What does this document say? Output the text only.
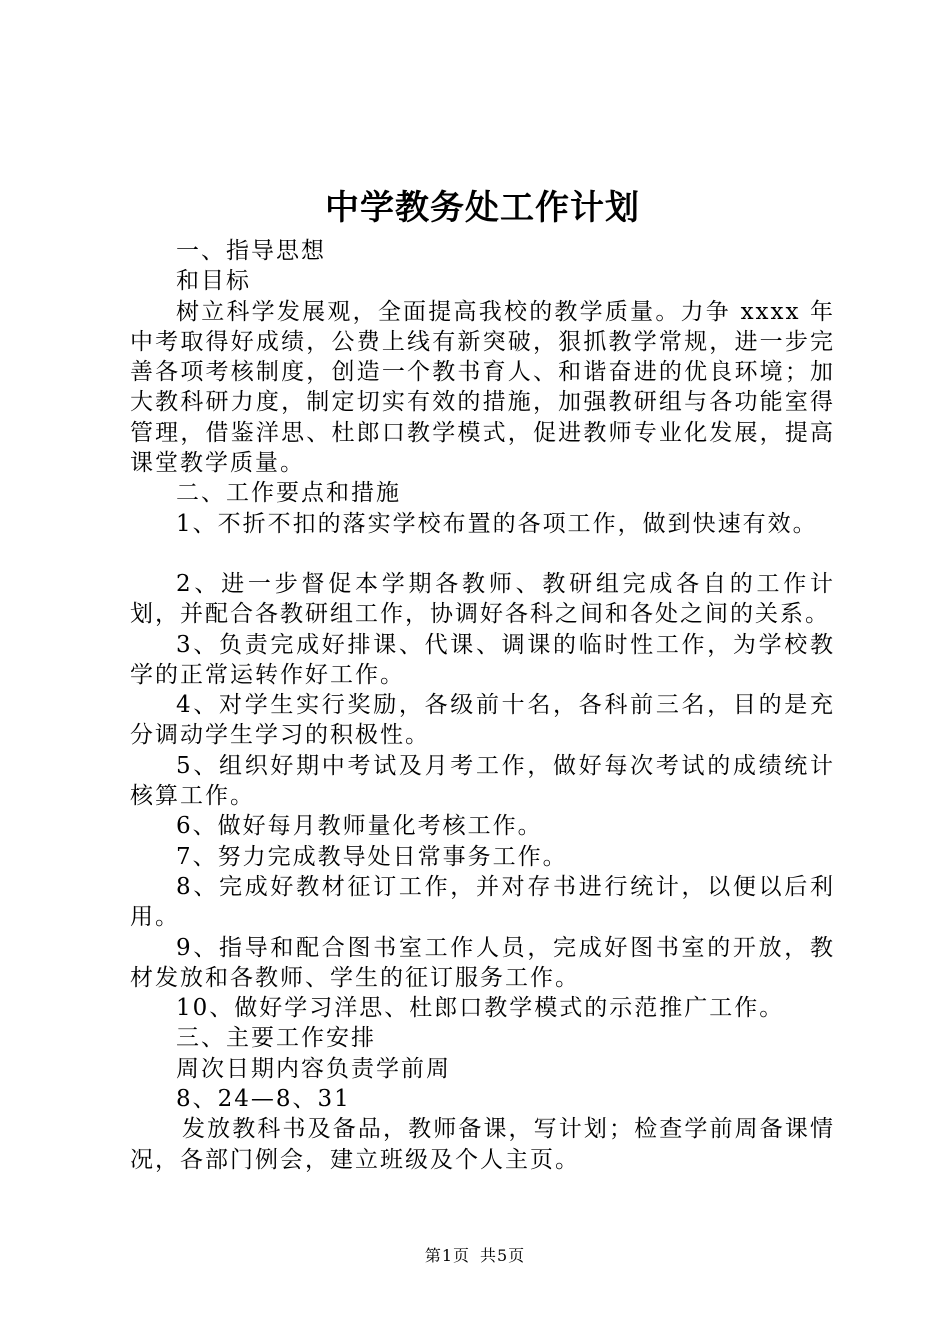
中学教务处工作计划

一、指导思想

和目标

树立科学发展观，全面提高我校的教学质量。力争 xxxx 年中考取得好成绩，公费上线有新突破，狠抓教学常规，进一步完善各项考核制度，创造一个教书育人、和谐奋进的优良环境；加大教科研力度，制定切实有效的措施，加强教研组与各功能室得管理，借鉴洋思、杜郎口教学模式，促进教师专业化发展，提高课堂教学质量。

二、工作要点和措施

1、不折不扣的落实学校布置的各项工作，做到快速有效。

2、进一步督促本学期各教师、教研组完成各自的工作计划，并配合各教研组工作，协调好各科之间和各处之间的关系。

3、负责完成好排课、代课、调课的临时性工作，为学校教学的正常运转作好工作。

4、对学生实行奖励，各级前十名，各科前三名，目的是充分调动学生学习的积极性。

5、组织好期中考试及月考工作，做好每次考试的成绩统计核算工作。

6、做好每月教师量化考核工作。

7、努力完成教导处日常事务工作。

8、完成好教材征订工作，并对存书进行统计，以便以后利用。

9、指导和配合图书室工作人员，完成好图书室的开放，教材发放和各教师、学生的征订服务工作。

10、做好学习洋思、杜郎口教学模式的示范推广工作。

三、主要工作安排

周次日期内容负责学前周

8、24—8、31

发放教科书及备品，教师备课，写计划；检查学前周备课情况，各部门例会，建立班级及个人主页。

第1页 共5页
